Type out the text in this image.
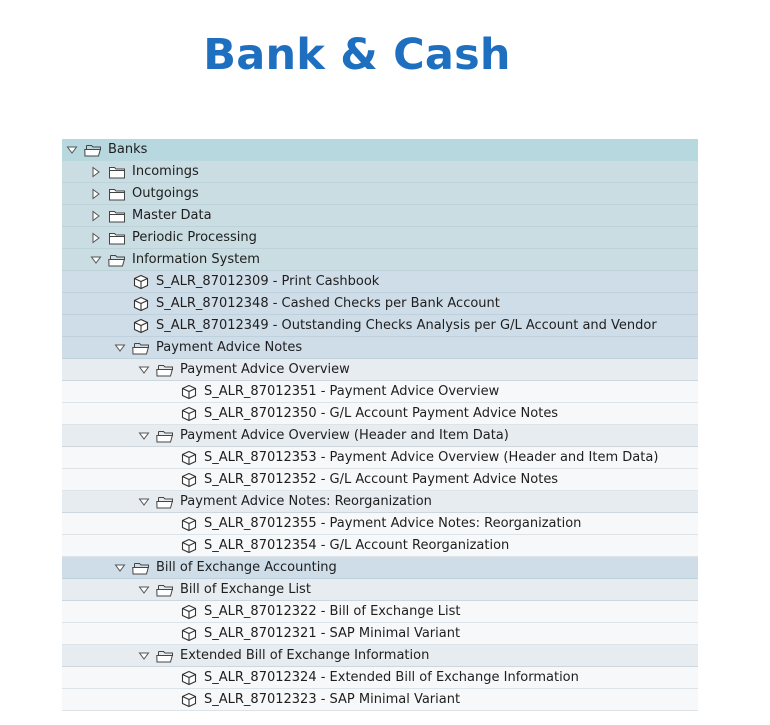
Bank & Cash
Banks
Incomings
Outgoings
Master Data
Periodic Processing
Information System
S_ALR_87012309 - Print Cashbook
S_ALR_87012348 - Cashed Checks per Bank Account
S_ALR_87012349 - Outstanding Checks Analysis per G/L Account and Vendor
Payment Advice Notes
Payment Advice Overview
S_ALR_87012351 - Payment Advice Overview
S_ALR_87012350 - G/L Account Payment Advice Notes
Payment Advice Overview (Header and Item Data)
S_ALR_87012353 - Payment Advice Overview (Header and Item Data)
S_ALR_87012352 - G/L Account Payment Advice Notes
Payment Advice Notes: Reorganization
S_ALR_87012355 - Payment Advice Notes: Reorganization
S_ALR_87012354 - G/L Account Reorganization
Bill of Exchange Accounting
Bill of Exchange List
S_ALR_87012322 - Bill of Exchange List
S_ALR_87012321 - SAP Minimal Variant
Extended Bill of Exchange Information
S_ALR_87012324 - Extended Bill of Exchange Information
S_ALR_87012323 - SAP Minimal Variant
